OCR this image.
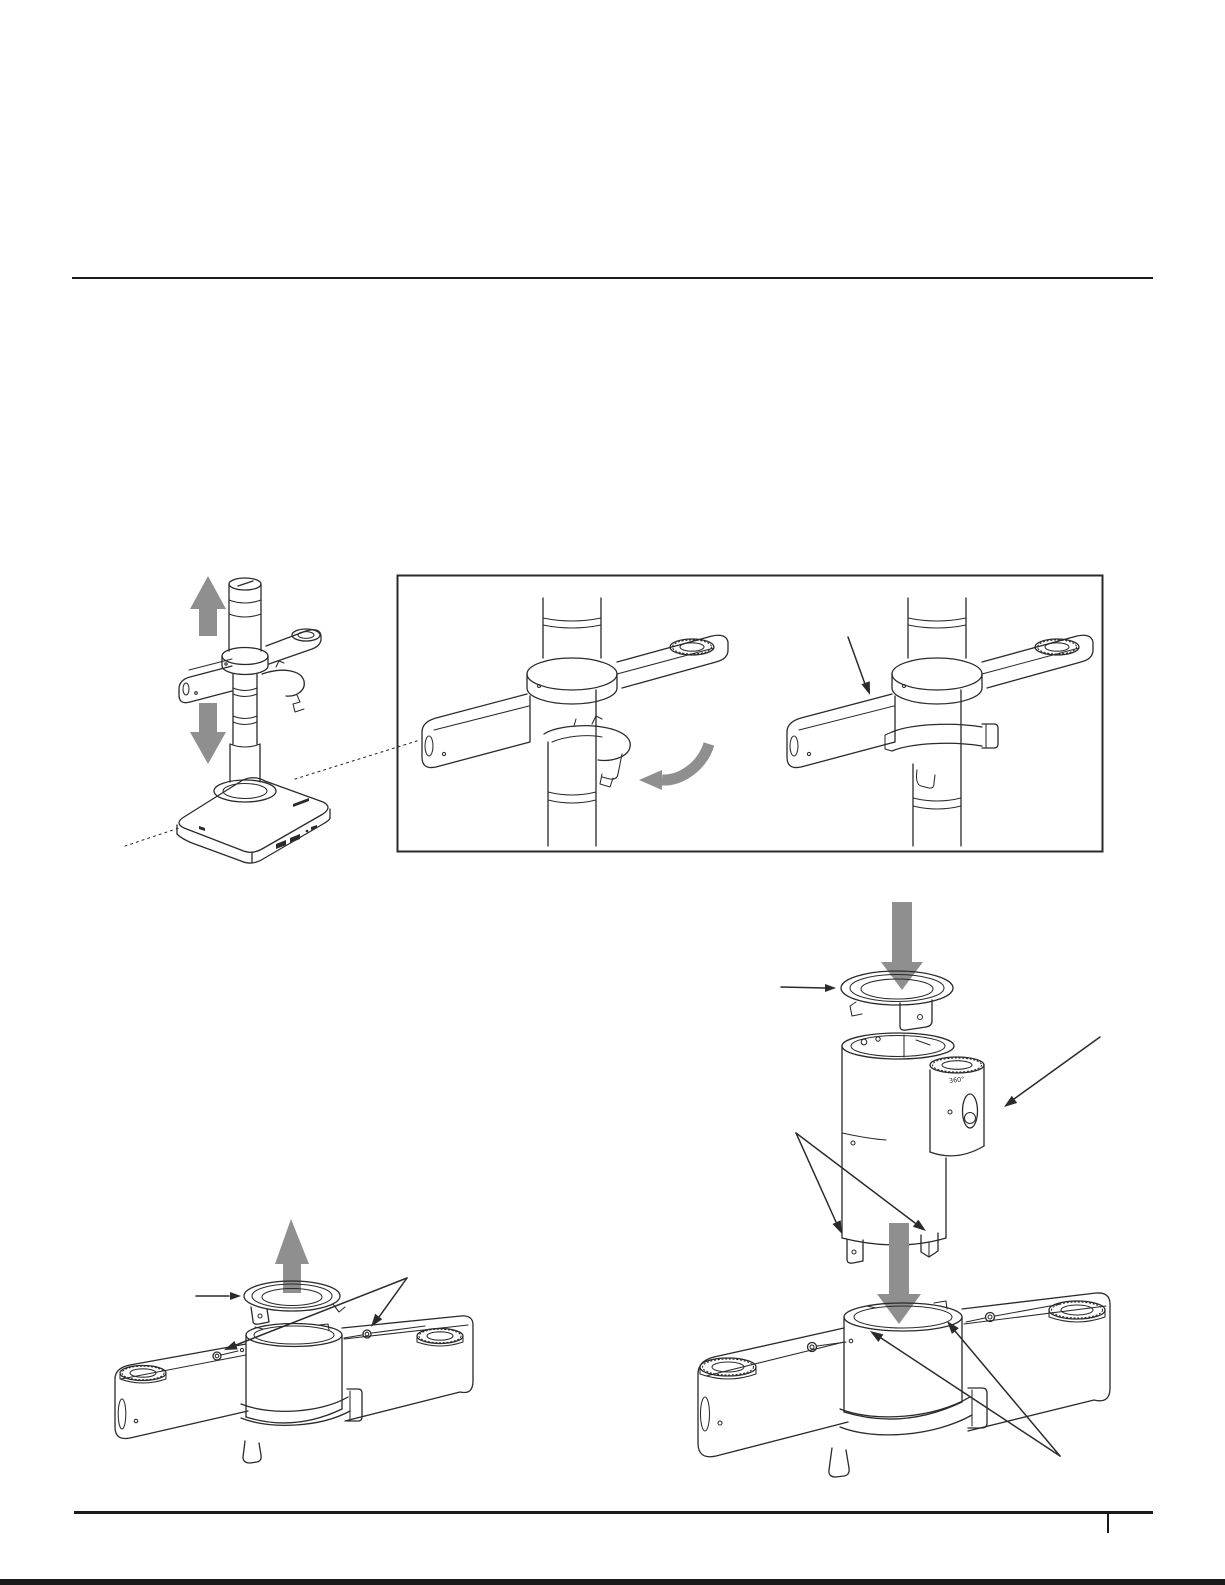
360°
